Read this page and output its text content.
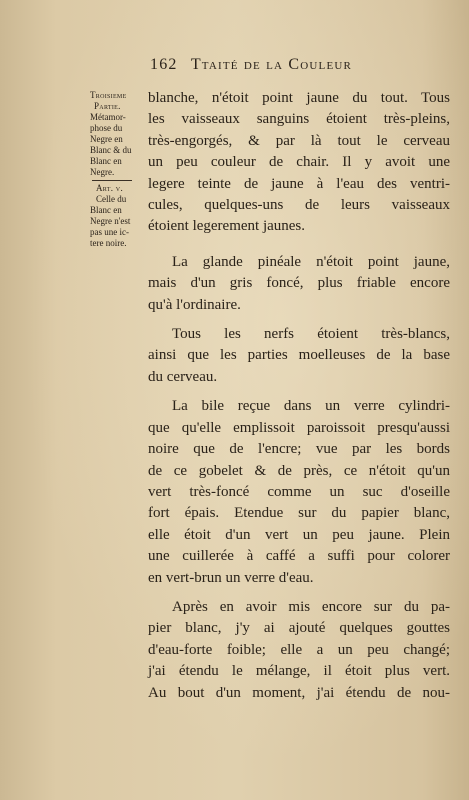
162 Ttaité de la Couleur
Troisieme
Partie.
Métamor-
phose du
Negre en
Blanc & du
Blanc en
Negre.
Art. v.
Celle du
Blanc en
Negre n'est
pas une ic-
tere noire.
blanche, n'étoit point jaune du tout. Tous
les vaisseaux sanguins étoient très-pleins,
très-engorgés, & par là tout le cerveau
un peu couleur de chair. Il y avoit une
legere teinte de jaune à l'eau des ventri-
cules, quelques-uns de leurs vaisseaux
étoient legerement jaunes.
La glande pinéale n'étoit point jaune,
mais d'un gris foncé, plus friable encore
qu'à l'ordinaire.
Tous les nerfs étoient très-blancs,
ainsi que les parties moelleuses de la base
du cerveau.
La bile reçue dans un verre cylindri-
que qu'elle emplissoit paroissoit presqu'aussi
noire que de l'encre; vue par les bords
de ce gobelet & de près, ce n'étoit qu'un
vert très-foncé comme un suc d'oseille
fort épais. Etendue sur du papier blanc,
elle étoit d'un vert un peu jaune. Plein
une cuillerée à caffé a suffi pour colorer
en vert-brun un verre d'eau.
Après en avoir mis encore sur du pa-
pier blanc, j'y ai ajouté quelques gouttes
d'eau-forte foible; elle a un peu changé;
j'ai étendu le mélange, il étoit plus vert.
Au bout d'un moment, j'ai étendu de nou-
